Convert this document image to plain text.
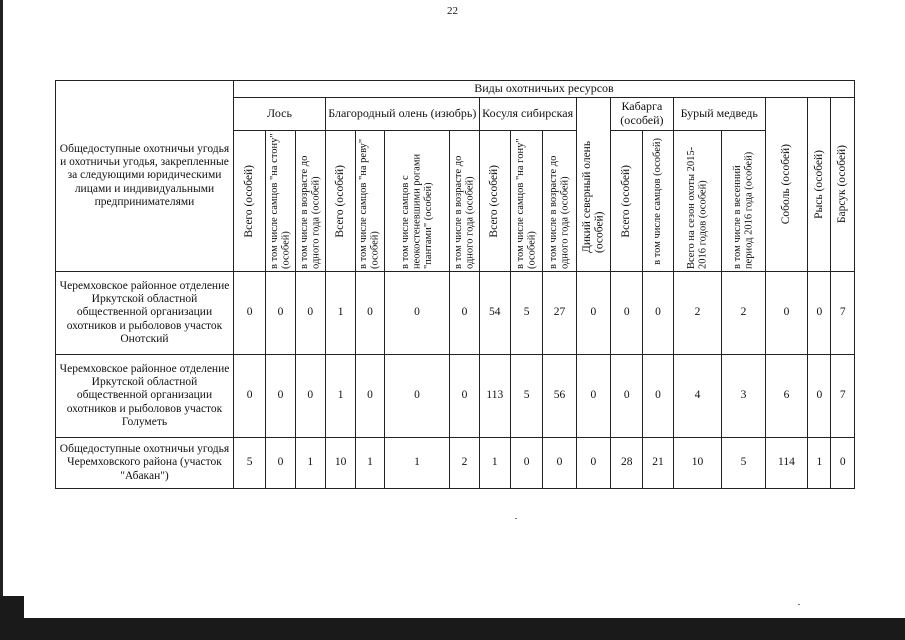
22
Общедоступные охотничьи угодья и охотничьи угодья, закрепленные за следующими юридическими лицами и индивидуальными предпринимателями	Виды охотничьих ресурсов																	
	Лось			Благородный олень (изюбрь)				Косуля сибирская			Дикий северный олень (особей)	Кабарга (особей)		Бурый медведь		Соболь (особей)	Рысь (особей)	Барсук (особей)

	Всего (особей)	в том числе самцов "на стону" (особей)	в том числе в возрасте до одного года (особей)	Всего (особей)	в том числе самцов "на реву" (особей)	в том числе самцов с неокостеневшими рогами "пантами" (особей)	в том числе в возрасте до одного года (особей)	Всего (особей)	в том числе самцов "на гону" (особей)	в том числе в возрасте до одного года (особей)		Всего (особей)	в том числе самцов (особей)	Всего на сезон охоты 2015-2016 годов (особей)	в том числе в весенний период 2016 года (особей)			

Черемховское районное отделение Иркутской областной общественной организации охотников и рыболовов участок Онотский	0	0	0	1	0	0	0	54	5	27	0	0	0	2	2	0	0	7
Черемховское районное отделение Иркутской областной общественной организации охотников и рыболовов участок Голуметь	0	0	0	1	0	0	0	113	5	56	0	0	0	4	3	6	0	7
Общедоступные охотничьи угодья Черемховского района (участок "Абакан")	5	0	1	10	1	1	2	1	0	0	0	28	21	10	5	114	1	0
